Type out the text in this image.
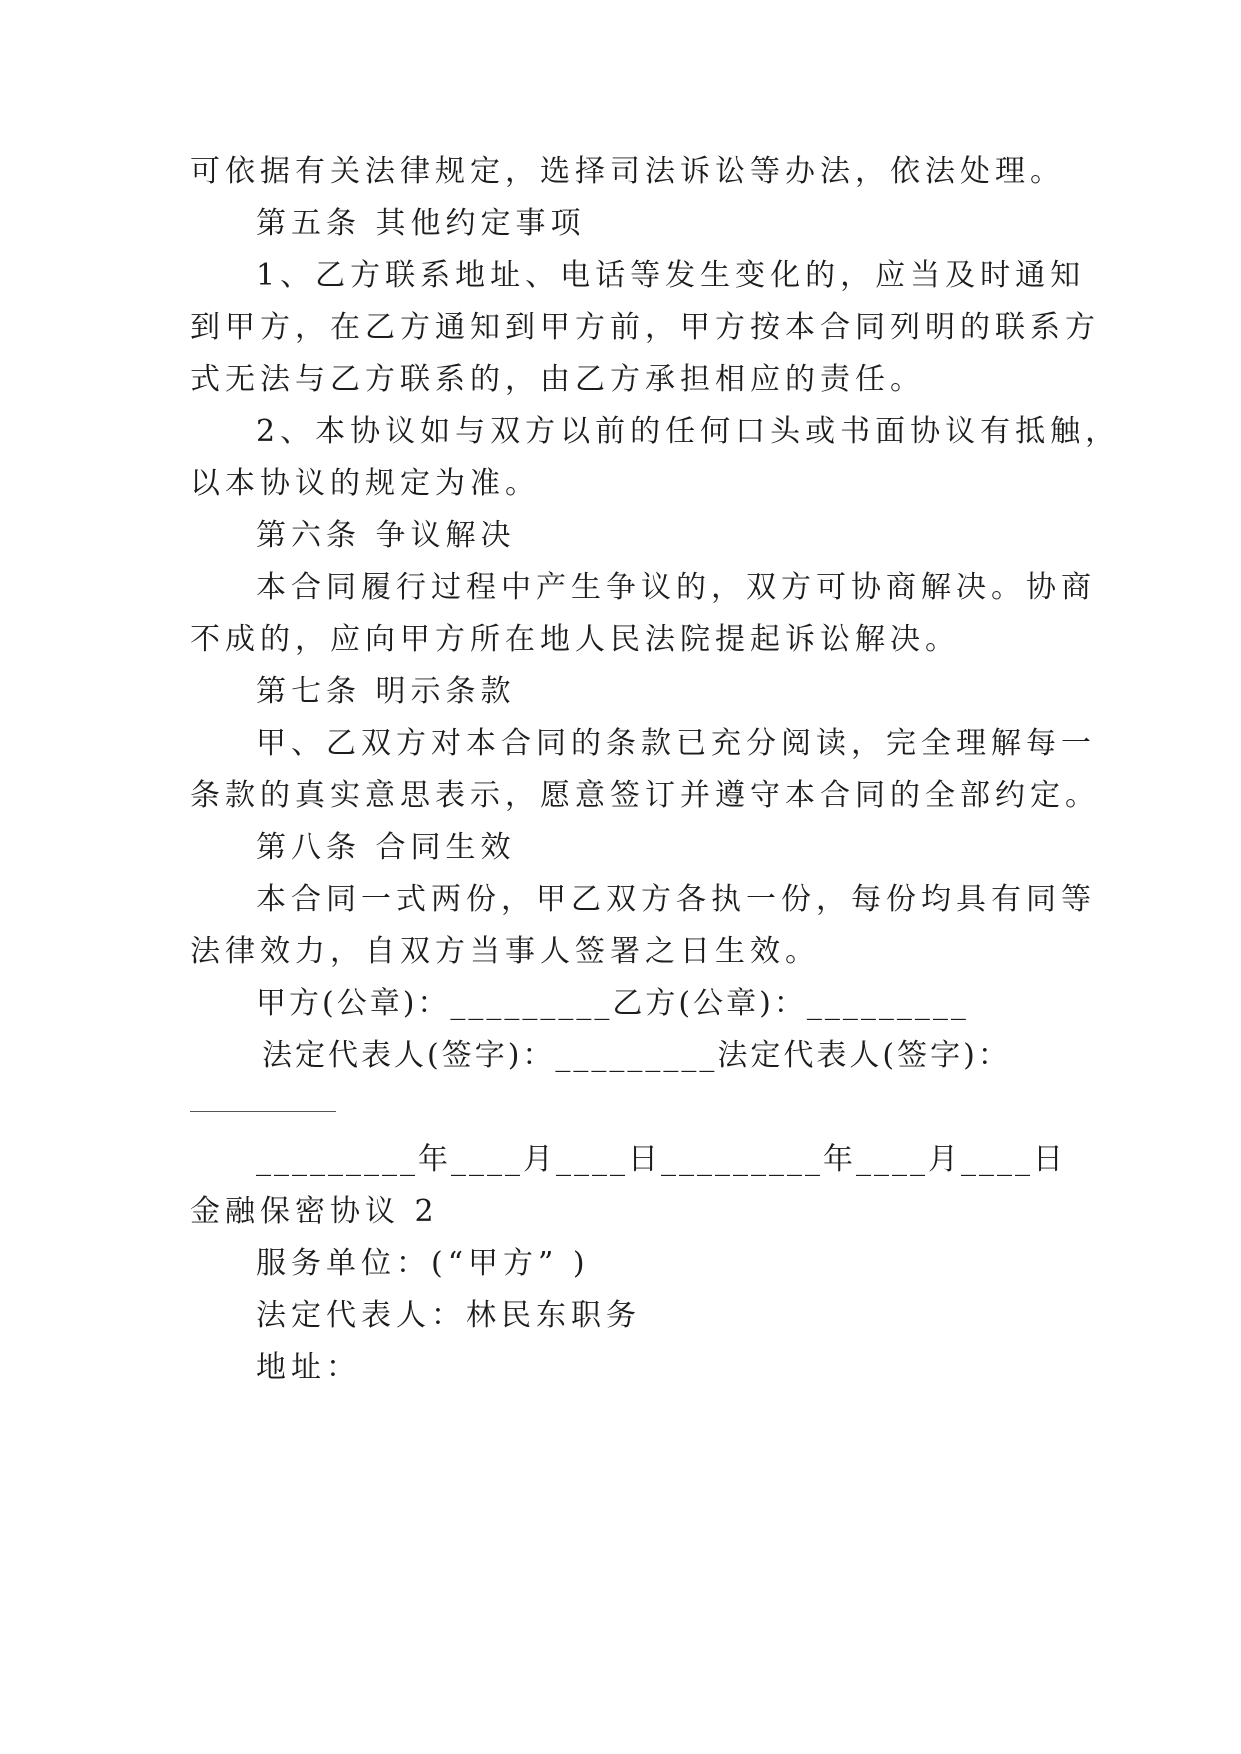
可依据有关法律规定，选择司法诉讼等办法，依法处理。
第五条 其他约定事项
1、乙方联系地址、电话等发生变化的，应当及时通知
到甲方，在乙方通知到甲方前，甲方按本合同列明的联系方
式无法与乙方联系的，由乙方承担相应的责任。
2、本协议如与双方以前的任何口头或书面协议有抵触，
以本协议的规定为准。
第六条 争议解决
本合同履行过程中产生争议的，双方可协商解决。协商
不成的，应向甲方所在地人民法院提起诉讼解决。
第七条 明示条款
甲、乙双方对本合同的条款已充分阅读，完全理解每一
条款的真实意思表示，愿意签订并遵守本合同的全部约定。
第八条 合同生效
本合同一式两份，甲乙双方各执一份，每份均具有同等
法律效力，自双方当事人签署之日生效。
甲方(公章)：_________乙方(公章)：_________
法定代表人(签字)：_________法定代表人(签字)：
_________年____月____日_________年____月____日
金融保密协议 2
服务单位：(“甲方” )
法定代表人：林民东职务
地址：
